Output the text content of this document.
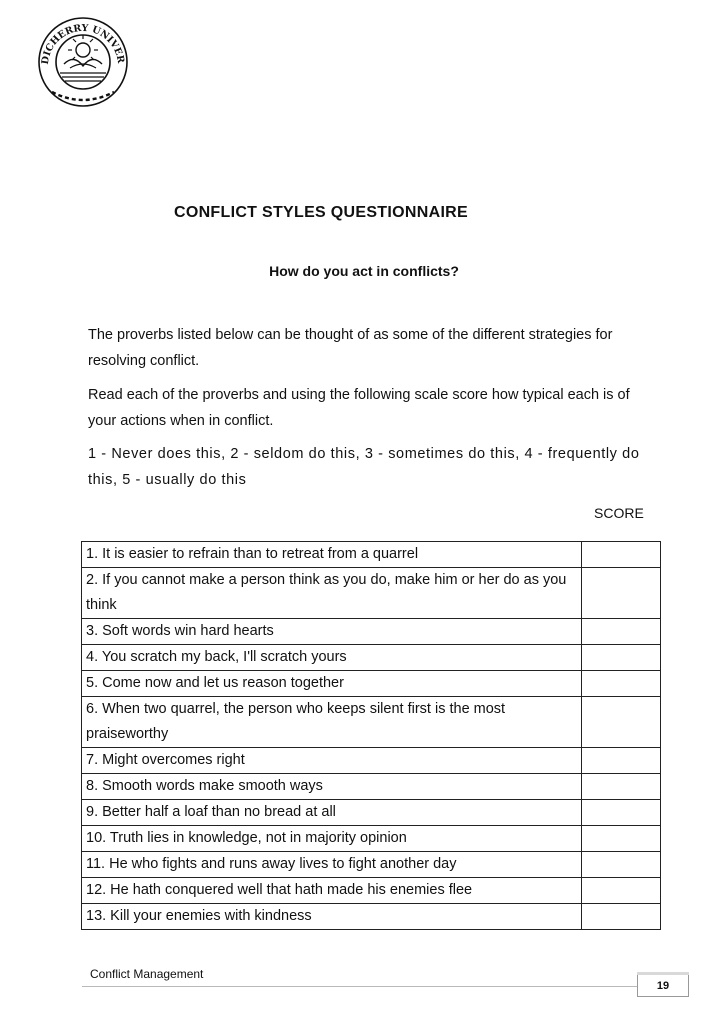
DICHERRY UNIVER
CONFLICT STYLES QUESTIONNAIRE
How do you act in conflicts?
The proverbs listed below can be thought of as some of the different strategies for resolving conflict.
Read each of the proverbs and using the following scale score how typical each is of your actions when in conflict.
1 - Never does this, 2 - seldom do this, 3 - sometimes do this, 4 - frequently do this, 5 - usually do this
SCORE
1. It is easier to refrain than to retreat from a quarrel	
2. If you cannot make a person think as you do, make him or her do as you think	
3. Soft words win hard hearts	
4. You scratch my back, I'll scratch yours	
5. Come now and let us reason together	
6. When two quarrel, the person who keeps silent first is the most praiseworthy	
7. Might overcomes right	
8. Smooth words make smooth ways	
9. Better half a loaf than no bread at all	
10. Truth lies in knowledge, not in majority opinion	
11. He who fights and runs away lives to fight another day	
12. He hath conquered well that hath made his enemies flee	
13. Kill your enemies with kindness	
Conflict Management
19
